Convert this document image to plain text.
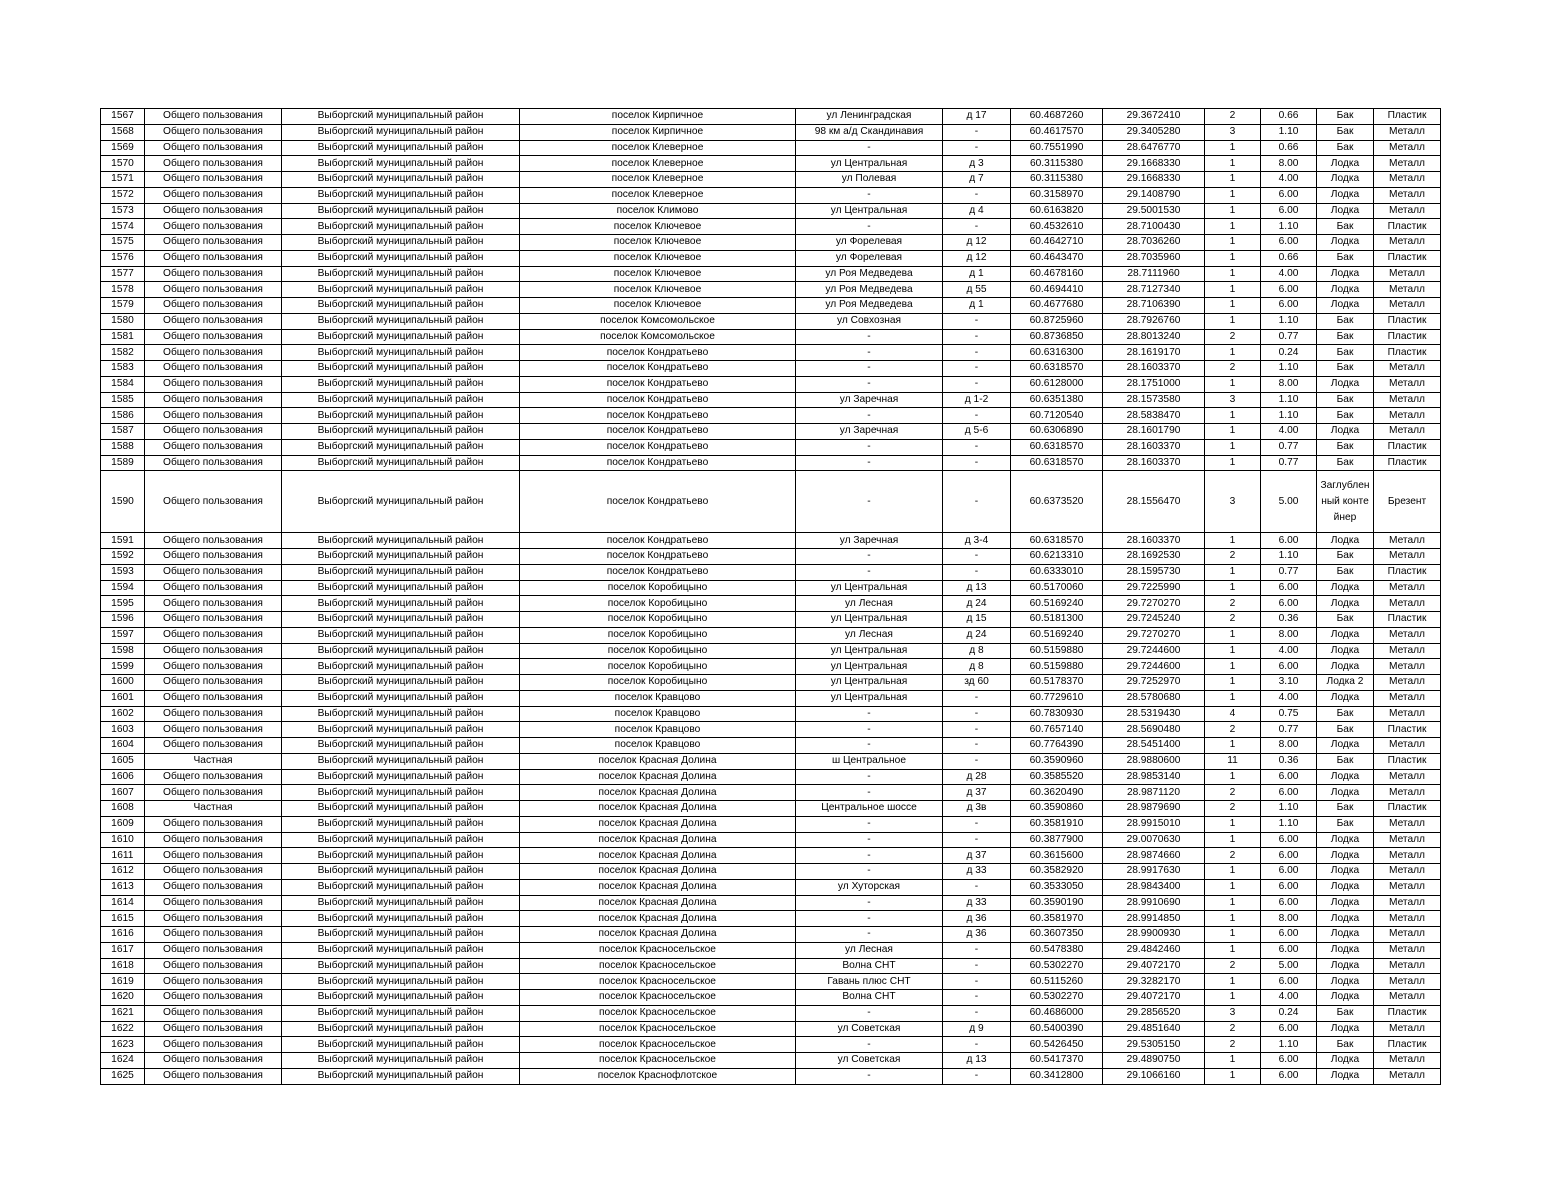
1567	Общего пользования	Выборгский муниципальный район	поселок Кирпичное	ул Ленинградская	д 17	60.4687260	29.3672410	2	0.66	Бак	Пластик
1568	Общего пользования	Выборгский муниципальный район	поселок Кирпичное	98 км а/д Скандинавия	-	60.4617570	29.3405280	3	1.10	Бак	Металл
1569	Общего пользования	Выборгский муниципальный район	поселок Клеверное	-	-	60.7551990	28.6476770	1	0.66	Бак	Металл
1570	Общего пользования	Выборгский муниципальный район	поселок Клеверное	ул Центральная	д 3	60.3115380	29.1668330	1	8.00	Лодка	Металл
1571	Общего пользования	Выборгский муниципальный район	поселок Клеверное	ул Полевая	д 7	60.3115380	29.1668330	1	4.00	Лодка	Металл
1572	Общего пользования	Выборгский муниципальный район	поселок Клеверное	-	-	60.3158970	29.1408790	1	6.00	Лодка	Металл
1573	Общего пользования	Выборгский муниципальный район	поселок Климово	ул Центральная	д 4	60.6163820	29.5001530	1	6.00	Лодка	Металл
1574	Общего пользования	Выборгский муниципальный район	поселок Ключевое	-	-	60.4532610	28.7100430	1	1.10	Бак	Пластик
1575	Общего пользования	Выборгский муниципальный район	поселок Ключевое	ул Форелевая	д 12	60.4642710	28.7036260	1	6.00	Лодка	Металл
1576	Общего пользования	Выборгский муниципальный район	поселок Ключевое	ул Форелевая	д 12	60.4643470	28.7035960	1	0.66	Бак	Пластик
1577	Общего пользования	Выборгский муниципальный район	поселок Ключевое	ул Роя Медведева	д 1	60.4678160	28.7111960	1	4.00	Лодка	Металл
1578	Общего пользования	Выборгский муниципальный район	поселок Ключевое	ул Роя Медведева	д 55	60.4694410	28.7127340	1	6.00	Лодка	Металл
1579	Общего пользования	Выборгский муниципальный район	поселок Ключевое	ул Роя Медведева	д 1	60.4677680	28.7106390	1	6.00	Лодка	Металл
1580	Общего пользования	Выборгский муниципальный район	поселок Комсомольское	ул Совхозная	-	60.8725960	28.7926760	1	1.10	Бак	Пластик
1581	Общего пользования	Выборгский муниципальный район	поселок Комсомольское	-	-	60.8736850	28.8013240	2	0.77	Бак	Пластик
1582	Общего пользования	Выборгский муниципальный район	поселок Кондратьево	-	-	60.6316300	28.1619170	1	0.24	Бак	Пластик
1583	Общего пользования	Выборгский муниципальный район	поселок Кондратьево	-	-	60.6318570	28.1603370	2	1.10	Бак	Металл
1584	Общего пользования	Выборгский муниципальный район	поселок Кондратьево	-	-	60.6128000	28.1751000	1	8.00	Лодка	Металл
1585	Общего пользования	Выборгский муниципальный район	поселок Кондратьево	ул Заречная	д 1-2	60.6351380	28.1573580	3	1.10	Бак	Металл
1586	Общего пользования	Выборгский муниципальный район	поселок Кондратьево	-	-	60.7120540	28.5838470	1	1.10	Бак	Металл
1587	Общего пользования	Выборгский муниципальный район	поселок Кондратьево	ул Заречная	д 5-6	60.6306890	28.1601790	1	4.00	Лодка	Металл
1588	Общего пользования	Выборгский муниципальный район	поселок Кондратьево	-	-	60.6318570	28.1603370	1	0.77	Бак	Пластик
1589	Общего пользования	Выборгский муниципальный район	поселок Кондратьево	-	-	60.6318570	28.1603370	1	0.77	Бак	Пластик
1590	Общего пользования	Выборгский муниципальный район	поселок Кондратьево	-	-	60.6373520	28.1556470	3	5.00	Заглубленный контейнер	Брезент
1591	Общего пользования	Выборгский муниципальный район	поселок Кондратьево	ул Заречная	д 3-4	60.6318570	28.1603370	1	6.00	Лодка	Металл
1592	Общего пользования	Выборгский муниципальный район	поселок Кондратьево	-	-	60.6213310	28.1692530	2	1.10	Бак	Металл
1593	Общего пользования	Выборгский муниципальный район	поселок Кондратьево	-	-	60.6333010	28.1595730	1	0.77	Бак	Пластик
1594	Общего пользования	Выборгский муниципальный район	поселок Коробицыно	ул Центральная	д 13	60.5170060	29.7225990	1	6.00	Лодка	Металл
1595	Общего пользования	Выборгский муниципальный район	поселок Коробицыно	ул Лесная	д 24	60.5169240	29.7270270	2	6.00	Лодка	Металл
1596	Общего пользования	Выборгский муниципальный район	поселок Коробицыно	ул Центральная	д 15	60.5181300	29.7245240	2	0.36	Бак	Пластик
1597	Общего пользования	Выборгский муниципальный район	поселок Коробицыно	ул Лесная	д 24	60.5169240	29.7270270	1	8.00	Лодка	Металл
1598	Общего пользования	Выборгский муниципальный район	поселок Коробицыно	ул Центральная	д 8	60.5159880	29.7244600	1	4.00	Лодка	Металл
1599	Общего пользования	Выборгский муниципальный район	поселок Коробицыно	ул Центральная	д 8	60.5159880	29.7244600	1	6.00	Лодка	Металл
1600	Общего пользования	Выборгский муниципальный район	поселок Коробицыно	ул Центральная	зд 60	60.5178370	29.7252970	1	3.10	Лодка 2	Металл
1601	Общего пользования	Выборгский муниципальный район	поселок Кравцово	ул Центральная	-	60.7729610	28.5780680	1	4.00	Лодка	Металл
1602	Общего пользования	Выборгский муниципальный район	поселок Кравцово	-	-	60.7830930	28.5319430	4	0.75	Бак	Металл
1603	Общего пользования	Выборгский муниципальный район	поселок Кравцово	-	-	60.7657140	28.5690480	2	0.77	Бак	Пластик
1604	Общего пользования	Выборгский муниципальный район	поселок Кравцово	-	-	60.7764390	28.5451400	1	8.00	Лодка	Металл
1605	Частная	Выборгский муниципальный район	поселок Красная Долина	ш Центральное	-	60.3590960	28.9880600	11	0.36	Бак	Пластик
1606	Общего пользования	Выборгский муниципальный район	поселок Красная Долина	-	д 28	60.3585520	28.9853140	1	6.00	Лодка	Металл
1607	Общего пользования	Выборгский муниципальный район	поселок Красная Долина	-	д 37	60.3620490	28.9871120	2	6.00	Лодка	Металл
1608	Частная	Выборгский муниципальный район	поселок Красная Долина	Центральное шоссе	д 3в	60.3590860	28.9879690	2	1.10	Бак	Пластик
1609	Общего пользования	Выборгский муниципальный район	поселок Красная Долина	-	-	60.3581910	28.9915010	1	1.10	Бак	Металл
1610	Общего пользования	Выборгский муниципальный район	поселок Красная Долина	-	-	60.3877900	29.0070630	1	6.00	Лодка	Металл
1611	Общего пользования	Выборгский муниципальный район	поселок Красная Долина	-	д 37	60.3615600	28.9874660	2	6.00	Лодка	Металл
1612	Общего пользования	Выборгский муниципальный район	поселок Красная Долина	-	д 33	60.3582920	28.9917630	1	6.00	Лодка	Металл
1613	Общего пользования	Выборгский муниципальный район	поселок Красная Долина	ул Хуторская	-	60.3533050	28.9843400	1	6.00	Лодка	Металл
1614	Общего пользования	Выборгский муниципальный район	поселок Красная Долина	-	д 33	60.3590190	28.9910690	1	6.00	Лодка	Металл
1615	Общего пользования	Выборгский муниципальный район	поселок Красная Долина	-	д 36	60.3581970	28.9914850	1	8.00	Лодка	Металл
1616	Общего пользования	Выборгский муниципальный район	поселок Красная Долина	-	д 36	60.3607350	28.9900930	1	6.00	Лодка	Металл
1617	Общего пользования	Выборгский муниципальный район	поселок Красносельское	ул Лесная	-	60.5478380	29.4842460	1	6.00	Лодка	Металл
1618	Общего пользования	Выборгский муниципальный район	поселок Красносельское	Волна СНТ	-	60.5302270	29.4072170	2	5.00	Лодка	Металл
1619	Общего пользования	Выборгский муниципальный район	поселок Красносельское	Гавань плюс СНТ	-	60.5115260	29.3282170	1	6.00	Лодка	Металл
1620	Общего пользования	Выборгский муниципальный район	поселок Красносельское	Волна СНТ	-	60.5302270	29.4072170	1	4.00	Лодка	Металл
1621	Общего пользования	Выборгский муниципальный район	поселок Красносельское	-	-	60.4686000	29.2856520	3	0.24	Бак	Пластик
1622	Общего пользования	Выборгский муниципальный район	поселок Красносельское	ул Советская	д 9	60.5400390	29.4851640	2	6.00	Лодка	Металл
1623	Общего пользования	Выборгский муниципальный район	поселок Красносельское	-	-	60.5426450	29.5305150	2	1.10	Бак	Пластик
1624	Общего пользования	Выборгский муниципальный район	поселок Красносельское	ул Советская	д 13	60.5417370	29.4890750	1	6.00	Лодка	Металл
1625	Общего пользования	Выборгский муниципальный район	поселок Краснофлотское	-	-	60.3412800	29.1066160	1	6.00	Лодка	Металл
